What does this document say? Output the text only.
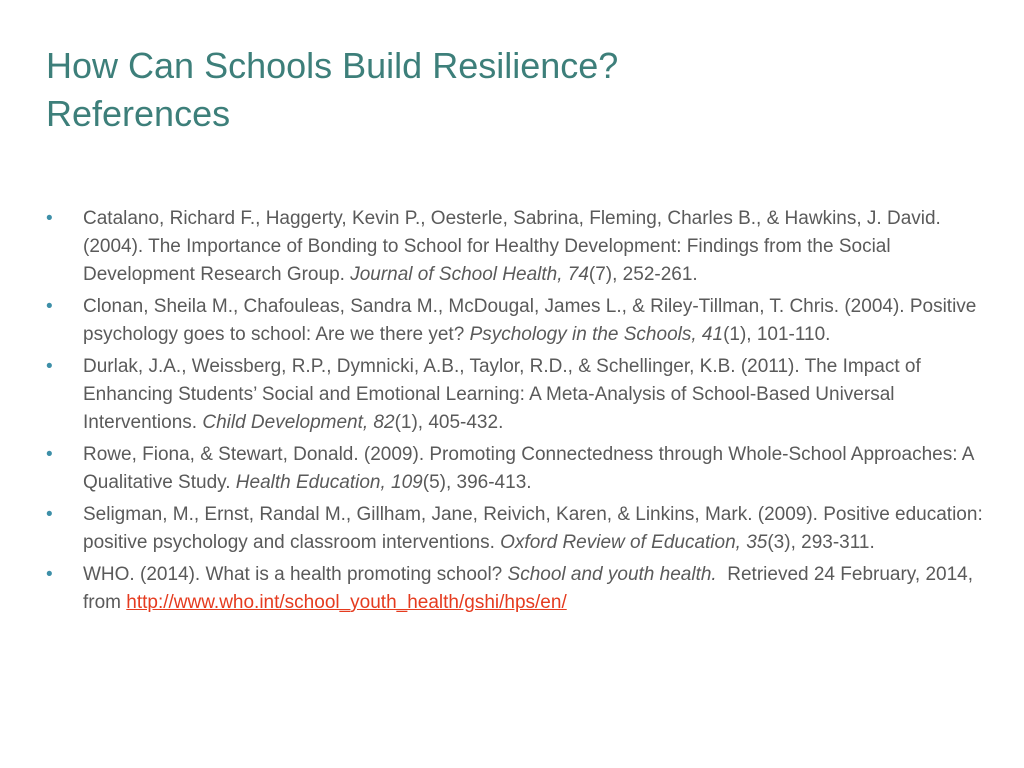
How Can Schools Build Resilience?
References
• Catalano, Richard F., Haggerty, Kevin P., Oesterle, Sabrina, Fleming, Charles B., & Hawkins, J. David. (2004). The Importance of Bonding to School for Healthy Development: Findings from the Social Development Research Group. Journal of School Health, 74(7), 252-261.
• Clonan, Sheila M., Chafouleas, Sandra M., McDougal, James L., & Riley-Tillman, T. Chris. (2004). Positive psychology goes to school: Are we there yet? Psychology in the Schools, 41(1), 101-110.
• Durlak, J.A., Weissberg, R.P., Dymnicki, A.B., Taylor, R.D., & Schellinger, K.B. (2011). The Impact of Enhancing Students’ Social and Emotional Learning: A Meta-Analysis of School-Based Universal Interventions. Child Development, 82(1), 405-432.
• Rowe, Fiona, & Stewart, Donald. (2009). Promoting Connectedness through Whole-School Approaches: A Qualitative Study. Health Education, 109(5), 396-413.
• Seligman, M., Ernst, Randal M., Gillham, Jane, Reivich, Karen, & Linkins, Mark. (2009). Positive education: positive psychology and classroom interventions. Oxford Review of Education, 35(3), 293-311.
• WHO. (2014). What is a health promoting school? School and youth health.  Retrieved 24 February, 2014, from http://www.who.int/school_youth_health/gshi/hps/en/
